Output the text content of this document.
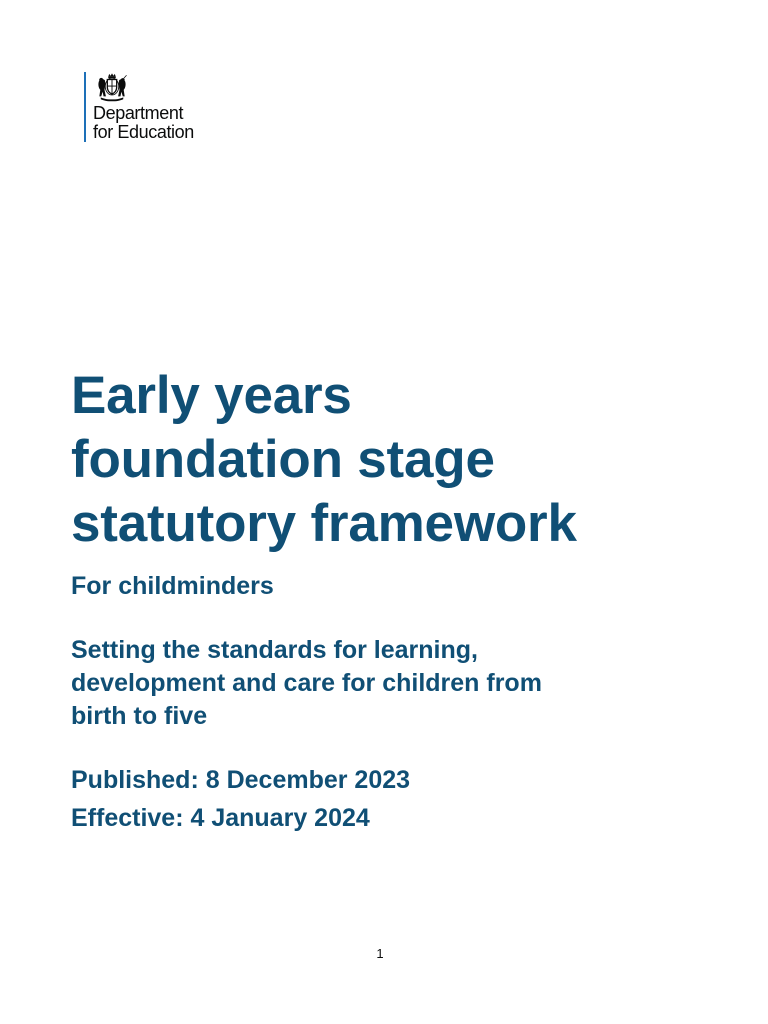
Department
for Education
Early years
foundation stage
statutory framework
For childminders
Setting the standards for learning,
development and care for children from
birth to five
Published: 8 December 2023
Effective: 4 January 2024
1
